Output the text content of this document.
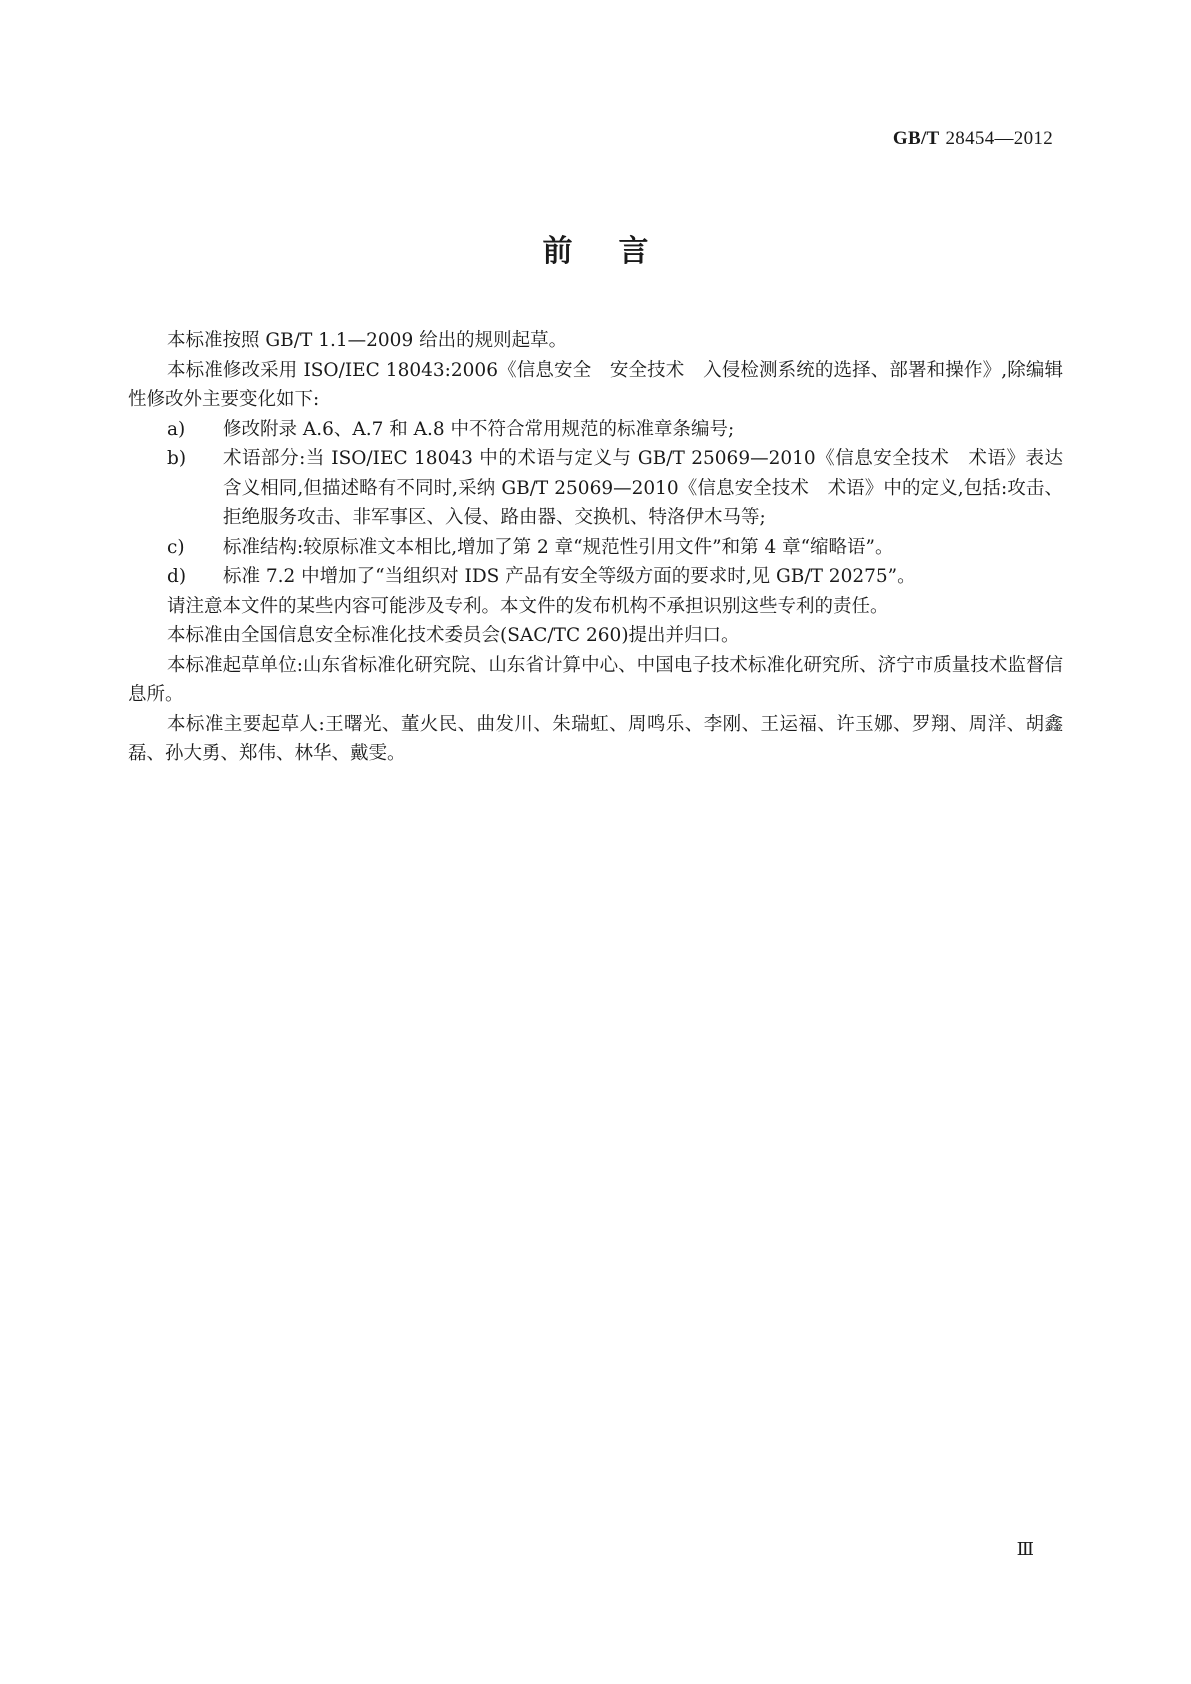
GB/T 28454—2012
前言

本标准按照 GB/T 1.1—2009 给出的规则起草。

本标准修改采用 ISO/IEC 18043:2006《信息安全　安全技术　入侵检测系统的选择、部署和操作》,除编辑性修改外主要变化如下:

a) 修改附录 A.6、A.7 和 A.8 中不符合常用规范的标准章条编号;

b) 术语部分:当 ISO/IEC 18043 中的术语与定义与 GB/T 25069—2010《信息安全技术　术语》表达含义相同,但描述略有不同时,采纳 GB/T 25069—2010《信息安全技术　术语》中的定义,包括:攻击、拒绝服务攻击、非军事区、入侵、路由器、交换机、特洛伊木马等;

c) 标准结构:较原标准文本相比,增加了第 2 章“规范性引用文件”和第 4 章“缩略语”。

d) 标准 7.2 中增加了“当组织对 IDS 产品有安全等级方面的要求时,见 GB/T 20275”。

请注意本文件的某些内容可能涉及专利。本文件的发布机构不承担识别这些专利的责任。

本标准由全国信息安全标准化技术委员会(SAC/TC 260)提出并归口。

本标准起草单位:山东省标准化研究院、山东省计算中心、中国电子技术标准化研究所、济宁市质量技术监督信息所。

本标准主要起草人:王曙光、董火民、曲发川、朱瑞虹、周鸣乐、李刚、王运福、许玉娜、罗翔、周洋、胡鑫磊、孙大勇、郑伟、林华、戴雯。

Ⅲ
